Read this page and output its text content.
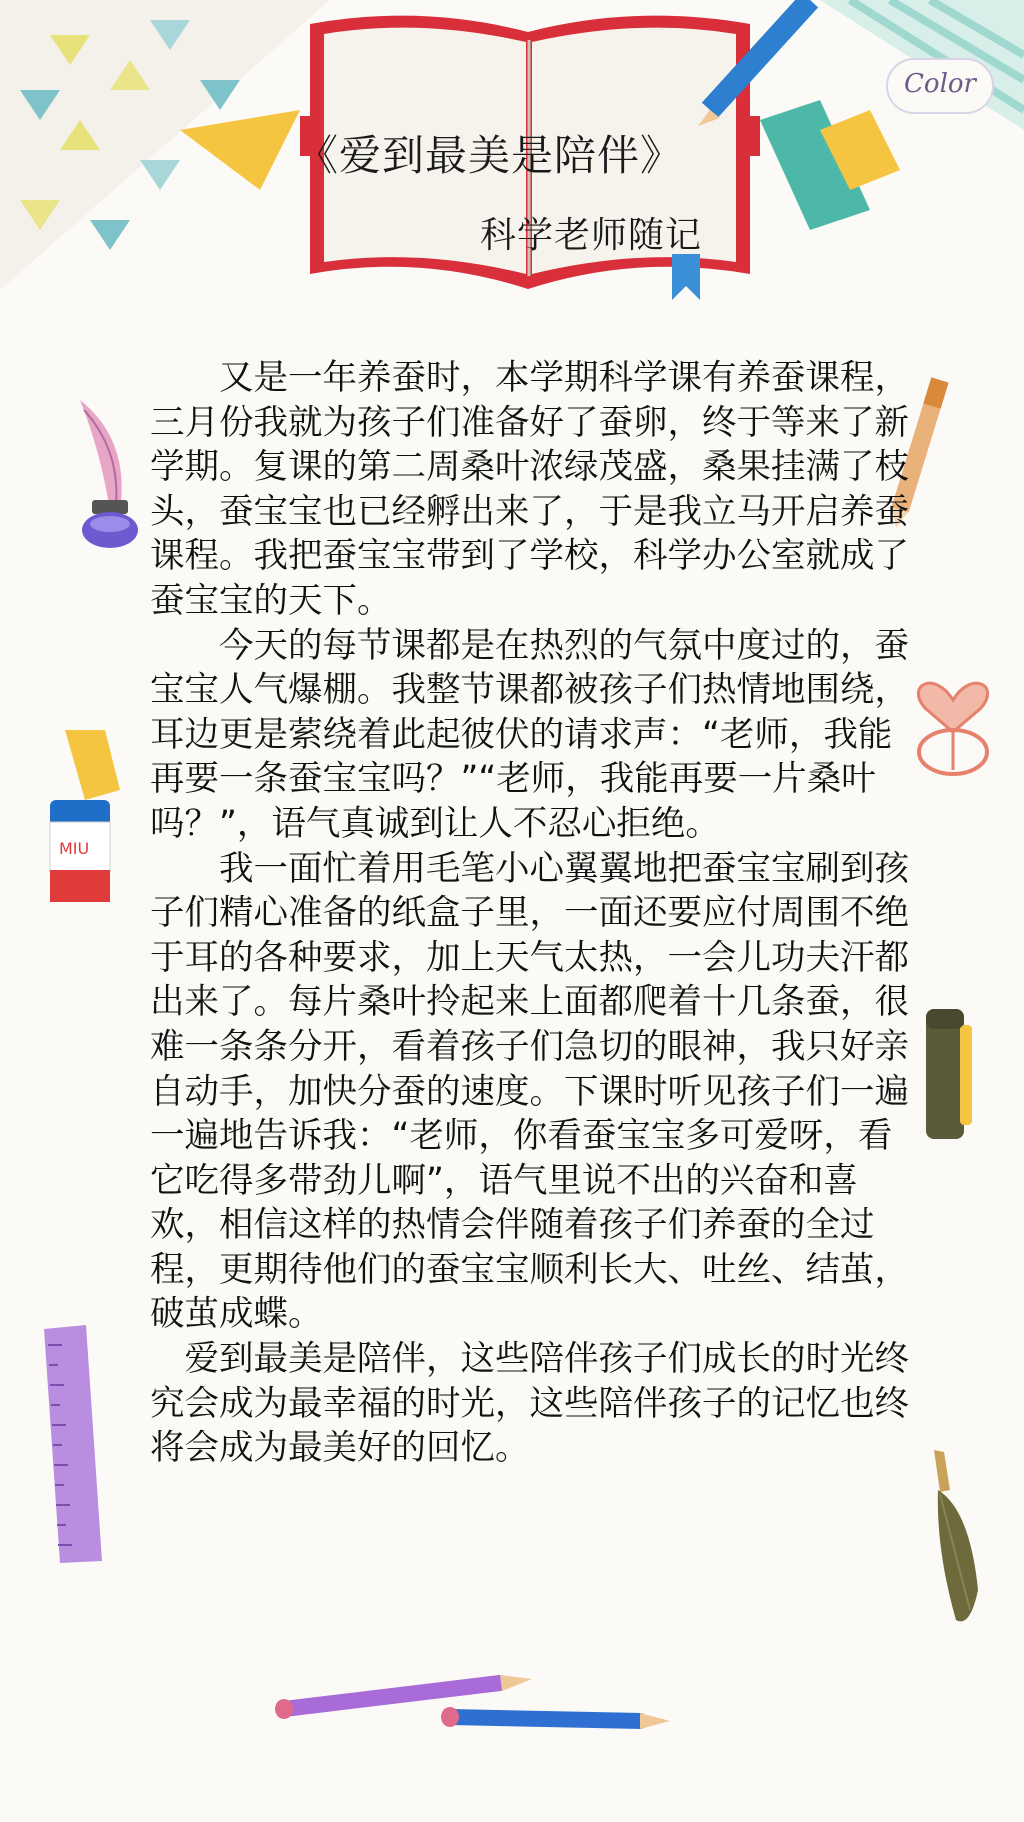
《爱到最美是陪伴》
科学老师随记
Color
MIU
　　又是一年养蚕时，本学期科学课有养蚕课程，三月份我就为孩子们准备好了蚕卵，终于等来了新学期。复课的第二周桑叶浓绿茂盛，桑果挂满了枝头，蚕宝宝也已经孵出来了，于是我立马开启养蚕课程。我把蚕宝宝带到了学校，科学办公室就成了蚕宝宝的天下。
　　今天的每节课都是在热烈的气氛中度过的，蚕宝宝人气爆棚。我整节课都被孩子们热情地围绕，耳边更是萦绕着此起彼伏的请求声：“老师，我能再要一条蚕宝宝吗？”“老师，我能再要一片桑叶吗？”，语气真诚到让人不忍心拒绝。
　　我一面忙着用毛笔小心翼翼地把蚕宝宝刷到孩子们精心准备的纸盒子里，一面还要应付周围不绝于耳的各种要求，加上天气太热，一会儿功夫汗都出来了。每片桑叶拎起来上面都爬着十几条蚕，很难一条条分开，看着孩子们急切的眼神，我只好亲自动手，加快分蚕的速度。下课时听见孩子们一遍一遍地告诉我：“老师，你看蚕宝宝多可爱呀，看它吃得多带劲儿啊”，语气里说不出的兴奋和喜欢，相信这样的热情会伴随着孩子们养蚕的全过程，更期待他们的蚕宝宝顺利长大、吐丝、结茧，破茧成蝶。
　爱到最美是陪伴，这些陪伴孩子们成长的时光终究会成为最幸福的时光，这些陪伴孩子的记忆也终将会成为最美好的回忆。
